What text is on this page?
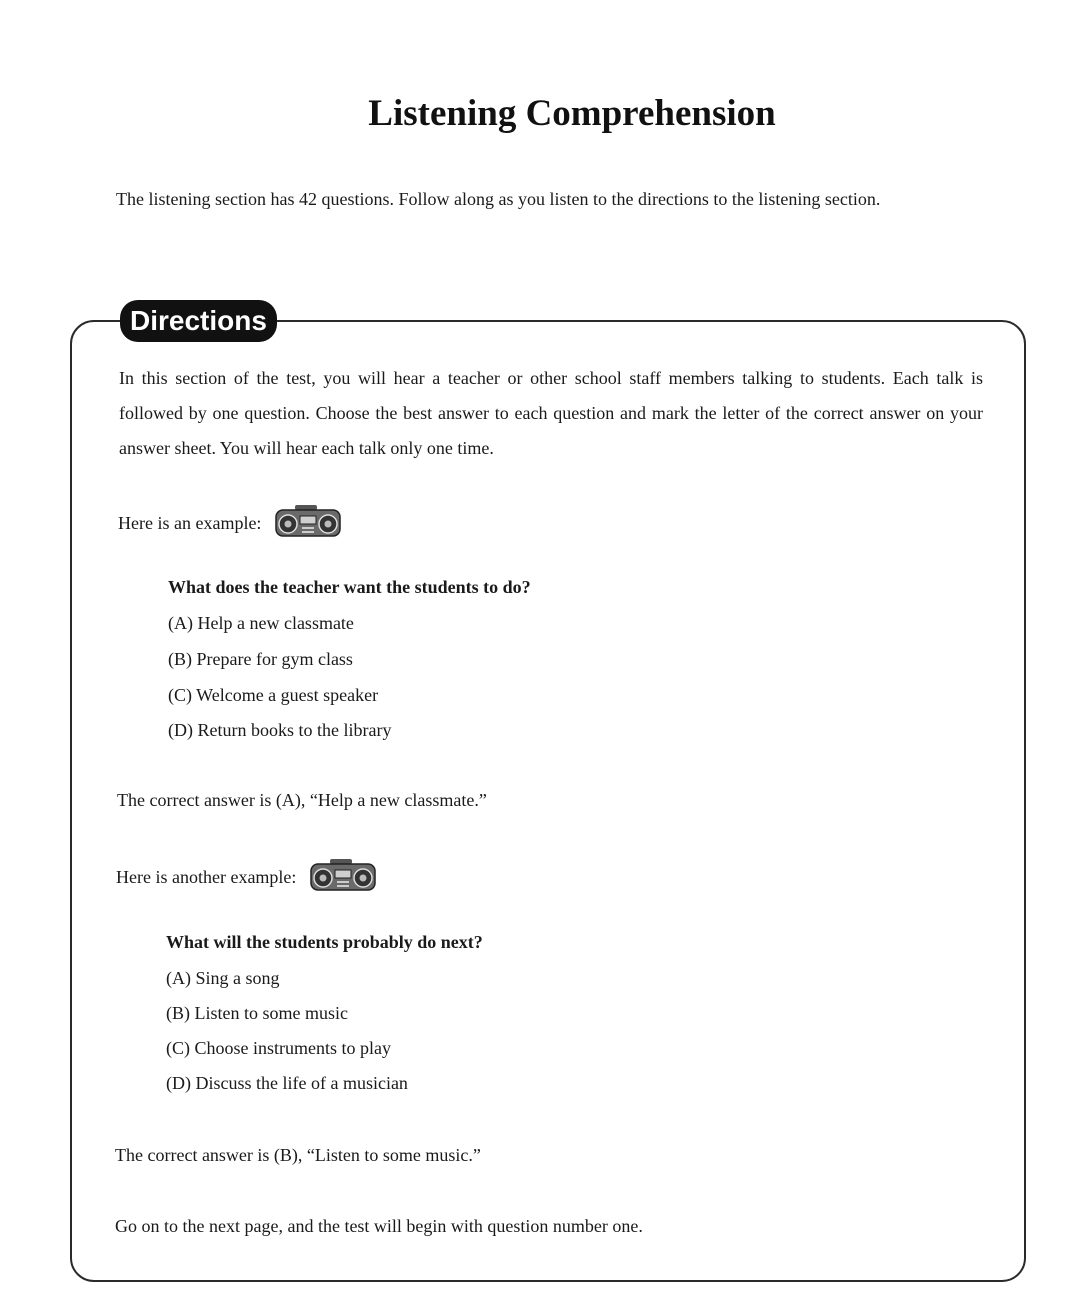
Listening Comprehension
The listening section has 42 questions. Follow along as you listen to the directions to the listening section.
Directions
In this section of the test, you will hear a teacher or other school staff members talking to students. Each talk is followed by one question. Choose the best answer to each question and mark the letter of the correct answer on your answer sheet. You will hear each talk only one time.
Here is an example:
What does the teacher want the students to do?
(A) Help a new classmate
(B) Prepare for gym class
(C) Welcome a guest speaker
(D) Return books to the library
The correct answer is (A), “Help a new classmate.”
Here is another example:
What will the students probably do next?
(A) Sing a song
(B) Listen to some music
(C) Choose instruments to play
(D) Discuss the life of a musician
The correct answer is (B), “Listen to some music.”
Go on to the next page, and the test will begin with question number one.
